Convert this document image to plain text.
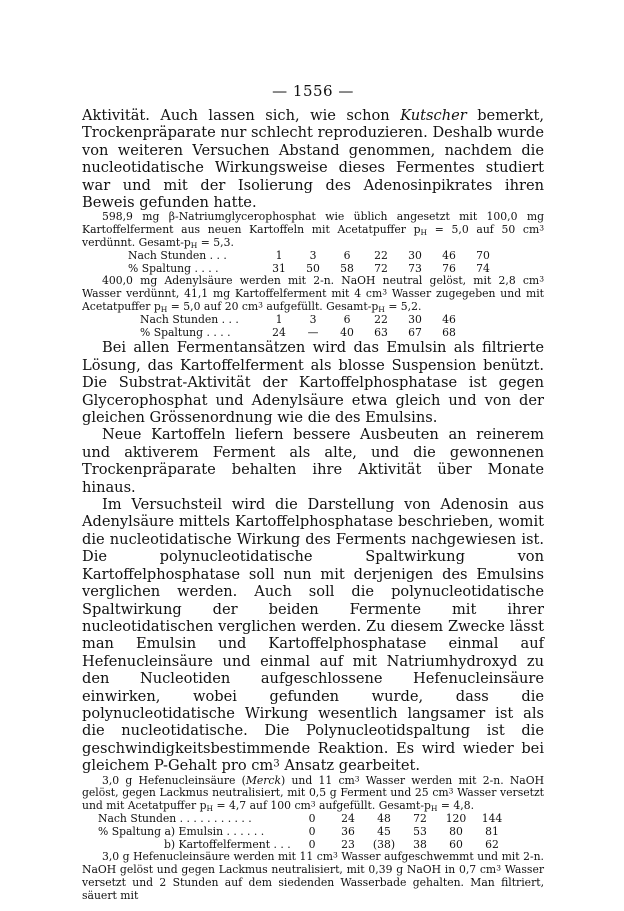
— 1556 —

Aktivität. Auch lassen sich, wie schon Kutscher bemerkt, Trockenpräparate nur schlecht reproduzieren. Deshalb wurde von weiteren Versuchen Abstand genommen, nachdem die nucleotidatische Wirkungsweise dieses Fermentes studiert war und mit der Isolierung des Adenosinpikrates ihren Beweis gefunden hatte.

598,9 mg β-Natriumglycerophosphat wie üblich angesetzt mit 100,0 mg Kartoffelferment aus neuen Kartoffeln mit Acetatpuffer $p_H = 5,0$ auf 50 $cm^3$ verdünnt. Gesamt-$p_H = 5,3$.

Nach Stunden . . .	1	3	6	22	30	46	70
% Spaltung . . . .	31	50	58	72	73	76	74

400,0 mg Adenylsäure werden mit 2-n. NaOH neutral gelöst, mit 2,8 $cm^3$ Wasser verdünnt, 41,1 mg Kartoffelferment mit 4 $cm^3$ Wasser zugegeben und mit Acetatpuffer $p_H = 5,0$ auf 20 $cm^3$ aufgefüllt. Gesamt-$p_H = 5,2$.

Nach Stunden . . .	1	3	6	22	30	46
% Spaltung . . . .	24	—	40	63	67	68

Bei allen Fermentansätzen wird das Emulsin als filtrierte Lösung, das Kartoffelferment als blosse Suspension benützt. Die Substrat-Aktivität der Kartoffelphosphatase ist gegen Glycerophosphat und Adenylsäure etwa gleich und von der gleichen Grössenordnung wie die des Emulsins.

Neue Kartoffeln liefern bessere Ausbeuten an reinerem und aktiverem Ferment als alte, und die gewonnenen Trockenpräparate behalten ihre Aktivität über Monate hinaus.

Im Versuchsteil wird die Darstellung von Adenosin aus Adenylsäure mittels Kartoffelphosphatase beschrieben, womit die nucleotidatische Wirkung des Ferments nachgewiesen ist. Die polynucleotidatische Spaltwirkung von Kartoffelphosphatase soll nun mit derjenigen des Emulsins verglichen werden. Auch soll die polynucleotidatische Spaltwirkung der beiden Fermente mit ihrer nucleotidatischen verglichen werden. Zu diesem Zwecke lässt man Emulsin und Kartoffelphosphatase einmal auf Hefenucleinsäure und einmal auf mit Natriumhydroxyd zu den Nucleotiden aufgeschlossene Hefenucleinsäure einwirken, wobei gefunden wurde, dass die polynucleotidatische Wirkung wesentlich langsamer ist als die nucleotidatische. Die Polynucleotidspaltung ist die geschwindigkeitsbestimmende Reaktion. Es wird wieder bei gleichem P-Gehalt pro $cm^3$ Ansatz gearbeitet.

3,0 g Hefenucleinsäure (Merck) und 11 $cm^3$ Wasser werden mit 2-n. NaOH gelöst, gegen Lackmus neutralisiert, mit 0,5 g Ferment und 25 $cm^3$ Wasser versetzt und mit Acetatpuffer $p_H = 4,7$ auf 100 $cm^3$ aufgefüllt. Gesamt-$p_H = 4,8$.

Nach Stunden . . . . . . . . . . .	0	24	48	72	120	144
% Spaltung a) Emulsin . . . . . .	0	36	45	53	80	81
b) Kartoffelferment . . .	0	23	(38)	38	60	62

3,0 g Hefenucleinsäure werden mit 11 $cm^3$ Wasser aufgeschwemmt und mit 2-n. NaOH gelöst und gegen Lackmus neutralisiert, mit 0,39 g NaOH in 0,7 $cm^3$ Wasser versetzt und 2 Stunden auf dem siedenden Wasserbade gehalten. Man filtriert, säuert mit
